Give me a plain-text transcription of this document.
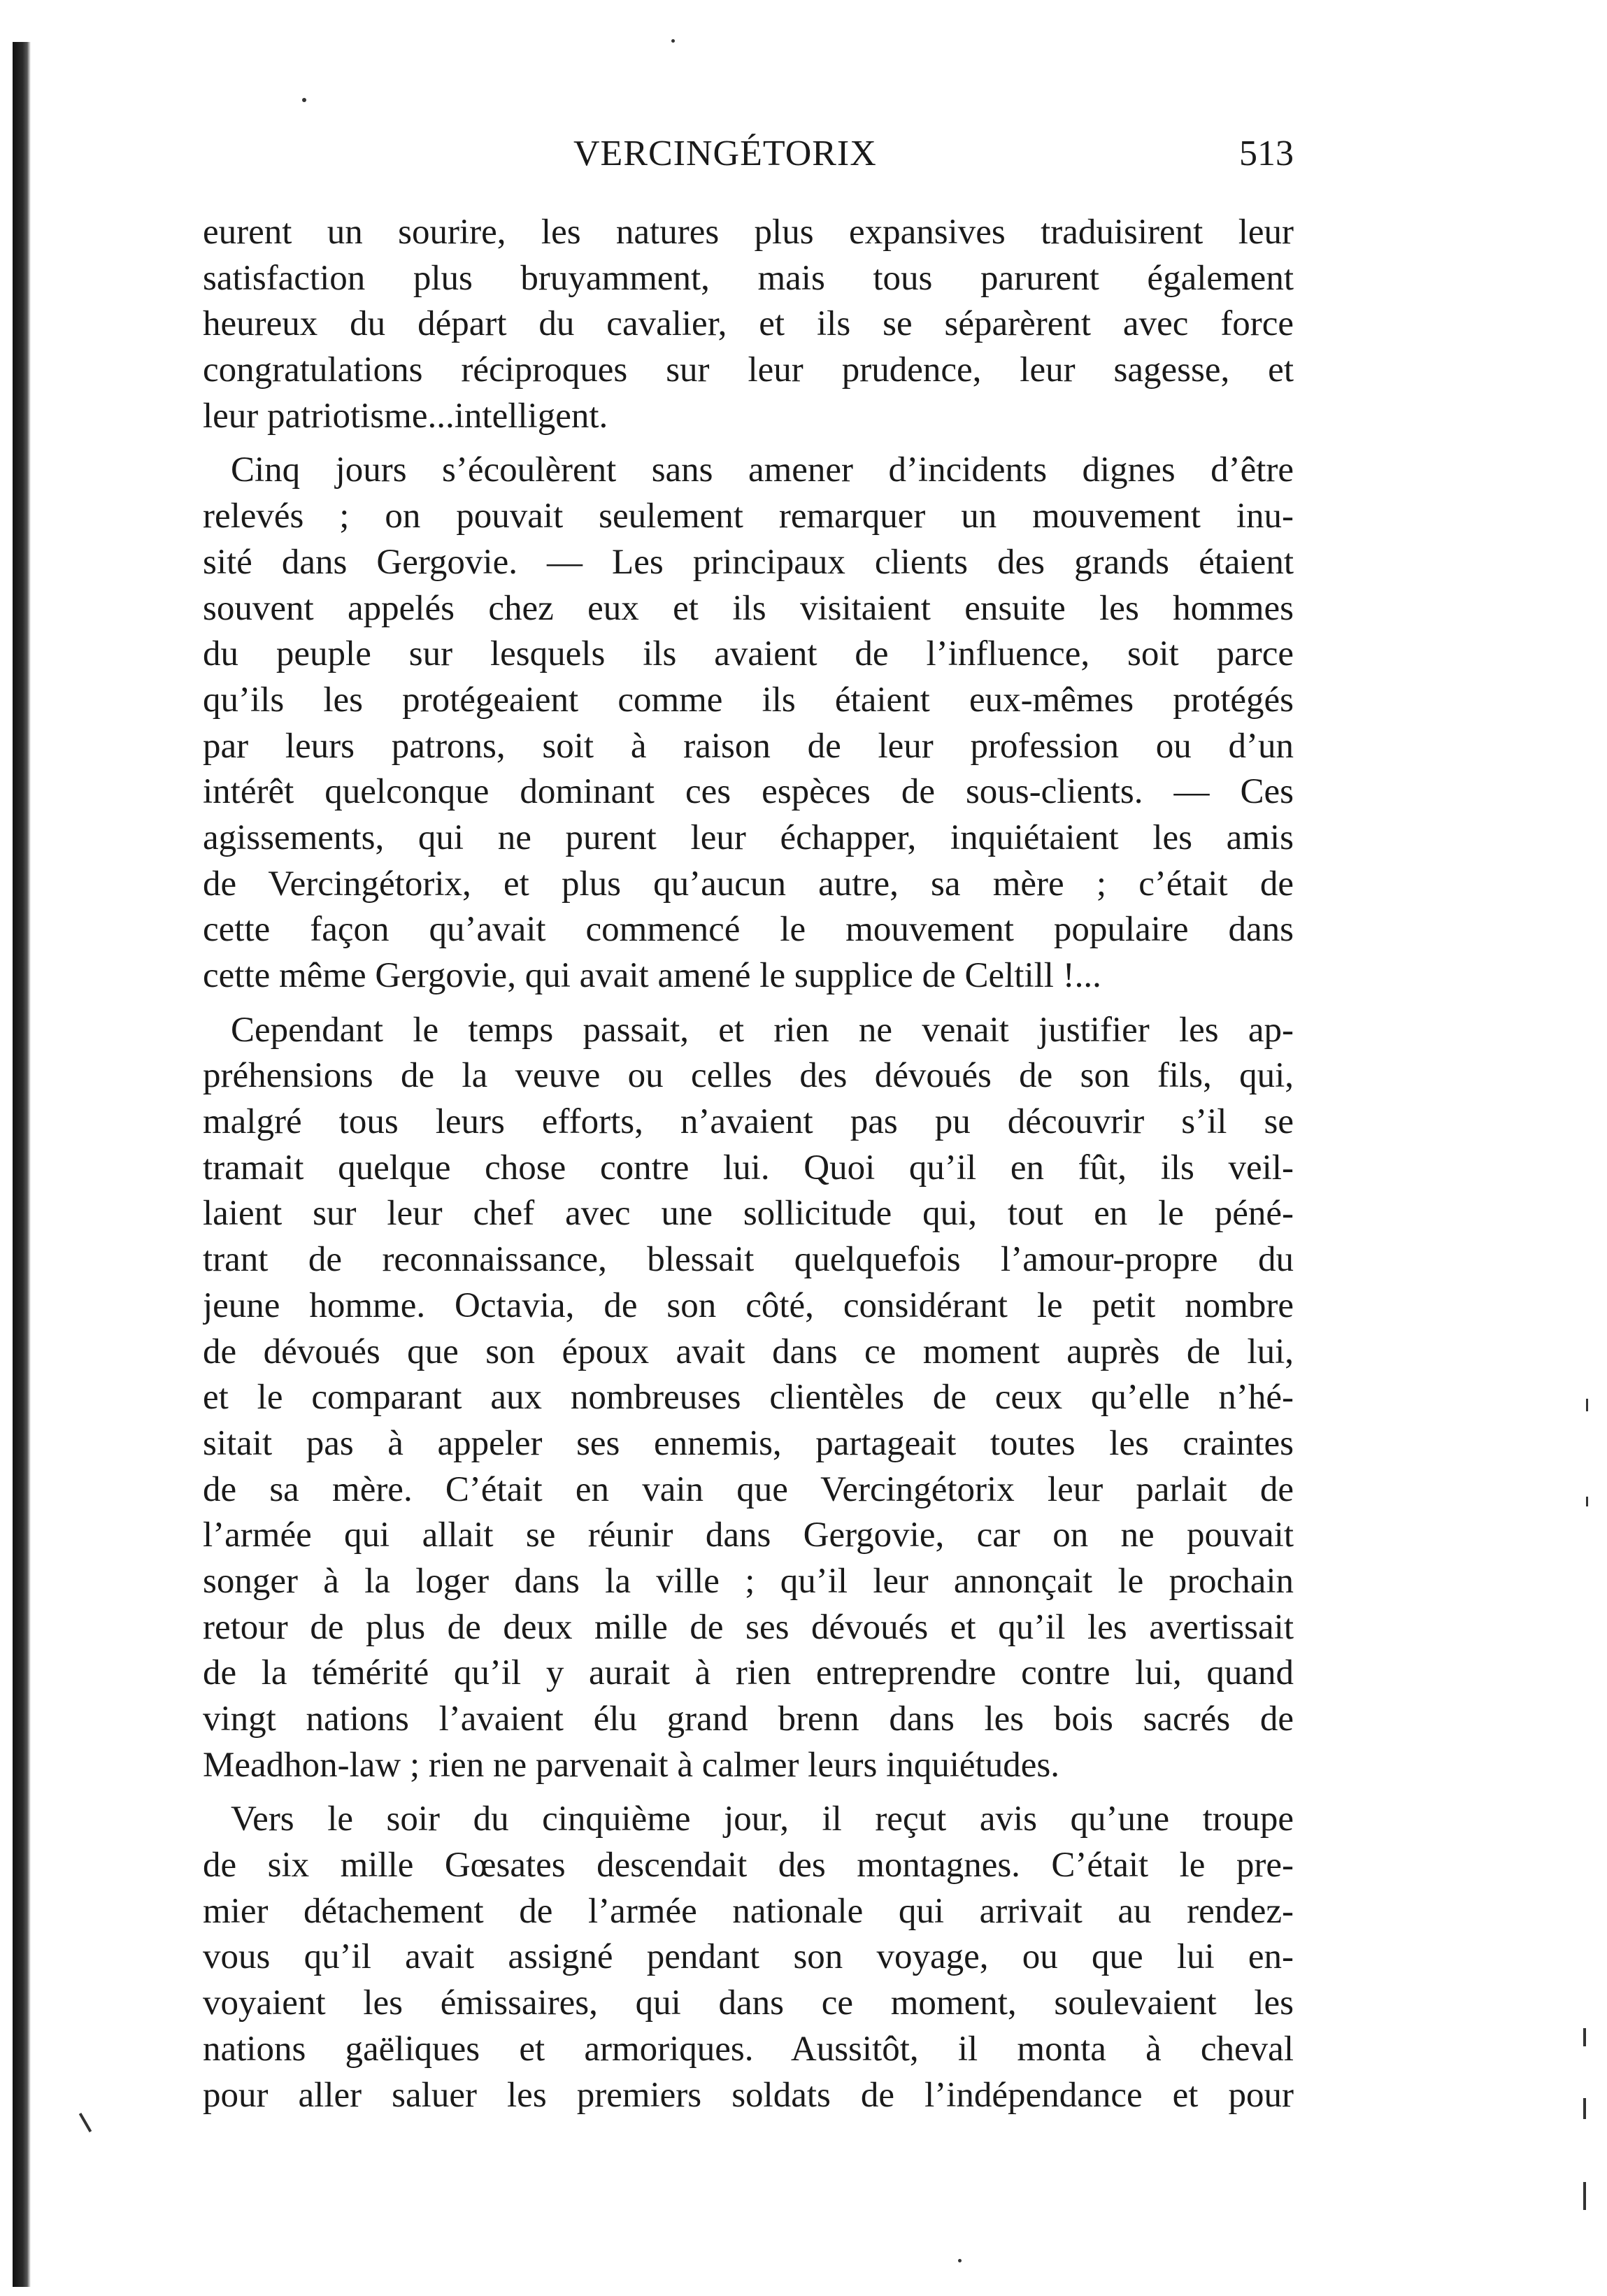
VERCINGÉTORIX	513
eurent un sourire, les natures plus expansives traduisirent leur
satisfaction plus bruyamment, mais tous parurent également
heureux du départ du cavalier, et ils se séparèrent avec force
congratulations réciproques sur leur prudence, leur sagesse, et
leur patriotisme...intelligent.
Cinq jours s’écoulèrent sans amener d’incidents dignes d’être
relevés ; on pouvait seulement remarquer un mouvement inu-
sité dans Gergovie. — Les principaux clients des grands étaient
souvent appelés chez eux et ils visitaient ensuite les hommes
du peuple sur lesquels ils avaient de l’influence, soit parce
qu’ils les protégeaient comme ils étaient eux-mêmes protégés
par leurs patrons, soit à raison de leur profession ou d’un
intérêt quelconque dominant ces espèces de sous-clients. — Ces
agissements, qui ne purent leur échapper, inquiétaient les amis
de Vercingétorix, et plus qu’aucun autre, sa mère ; c’était de
cette façon qu’avait commencé le mouvement populaire dans
cette même Gergovie, qui avait amené le supplice de Celtill !...
Cependant le temps passait, et rien ne venait justifier les ap-
préhensions de la veuve ou celles des dévoués de son fils, qui,
malgré tous leurs efforts, n’avaient pas pu découvrir s’il se
tramait quelque chose contre lui. Quoi qu’il en fût, ils veil-
laient sur leur chef avec une sollicitude qui, tout en le péné-
trant de reconnaissance, blessait quelquefois l’amour-propre du
jeune homme. Octavia, de son côté, considérant le petit nombre
de dévoués que son époux avait dans ce moment auprès de lui,
et le comparant aux nombreuses clientèles de ceux qu’elle n’hé-
sitait pas à appeler ses ennemis, partageait toutes les craintes
de sa mère. C’était en vain que Vercingétorix leur parlait de
l’armée qui allait se réunir dans Gergovie, car on ne pouvait
songer à la loger dans la ville ; qu’il leur annonçait le prochain
retour de plus de deux mille de ses dévoués et qu’il les avertissait
de la témérité qu’il y aurait à rien entreprendre contre lui, quand
vingt nations l’avaient élu grand brenn dans les bois sacrés de
Meadhon-law ; rien ne parvenait à calmer leurs inquiétudes.
Vers le soir du cinquième jour, il reçut avis qu’une troupe
de six mille Gœsates descendait des montagnes. C’était le pre-
mier détachement de l’armée nationale qui arrivait au rendez-
vous qu’il avait assigné pendant son voyage, ou que lui en-
voyaient les émissaires, qui dans ce moment, soulevaient les
nations gaëliques et armoriques. Aussitôt, il monta à cheval
pour aller saluer les premiers soldats de l’indépendance et pour
